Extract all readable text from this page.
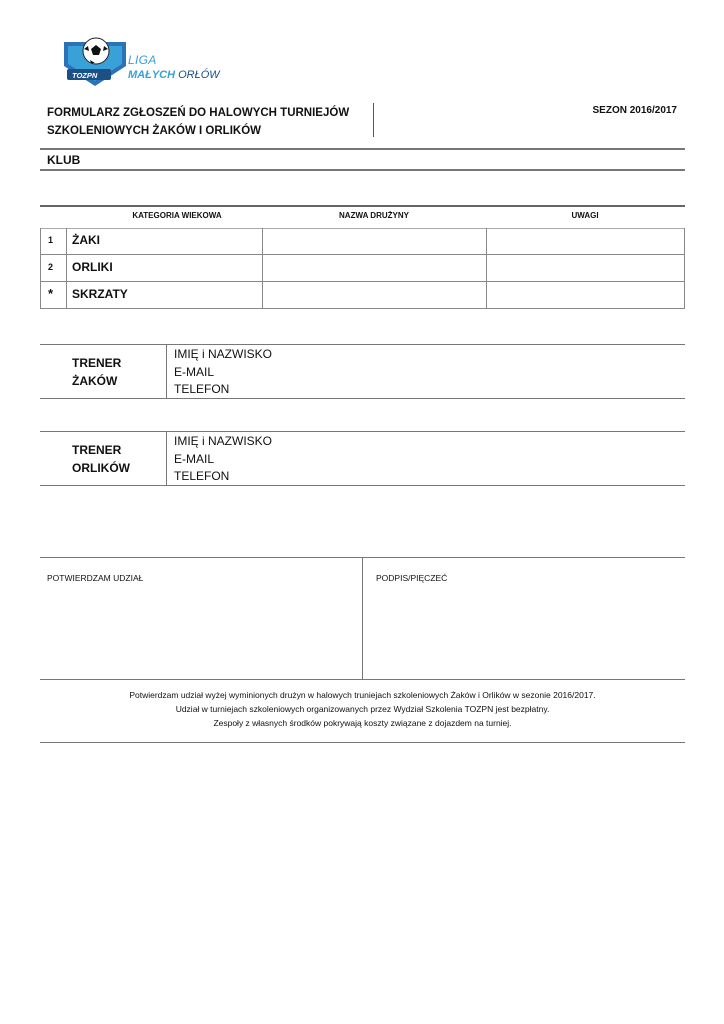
TOZPN
LIGA
MAŁYCH ORŁÓW
FORMULARZ ZGŁOSZEŃ DO HALOWYCH TURNIEJÓW
SZKOLENIOWYCH ŻAKÓW I ORLIKÓW
SEZON 2016/2017
KLUB
KATEGORIA WIEKOWA	NAZWA DRUŻYNY	UWAGI
1 ŻAKI
2 ORLIKI
* SKRZATY
TRENER
ŻAKÓW
IMIĘ i NAZWISKO
E-MAIL
TELEFON
TRENER
ORLIKÓW
IMIĘ i NAZWISKO
E-MAIL
TELEFON
POTWIERDZAM UDZIAŁ	PODPIS/PIĘCZEĆ
Potwierdzam udział wyżej wyminionych drużyn w halowych truniejach szkoleniowych Żaków i Orlików w sezonie 2016/2017.
Udział w turniejach szkoleniowych organizowanych przez Wydział Szkolenia TOZPN jest bezpłatny.
Zespoły z własnych środków pokrywają koszty związane z dojazdem na turniej.
